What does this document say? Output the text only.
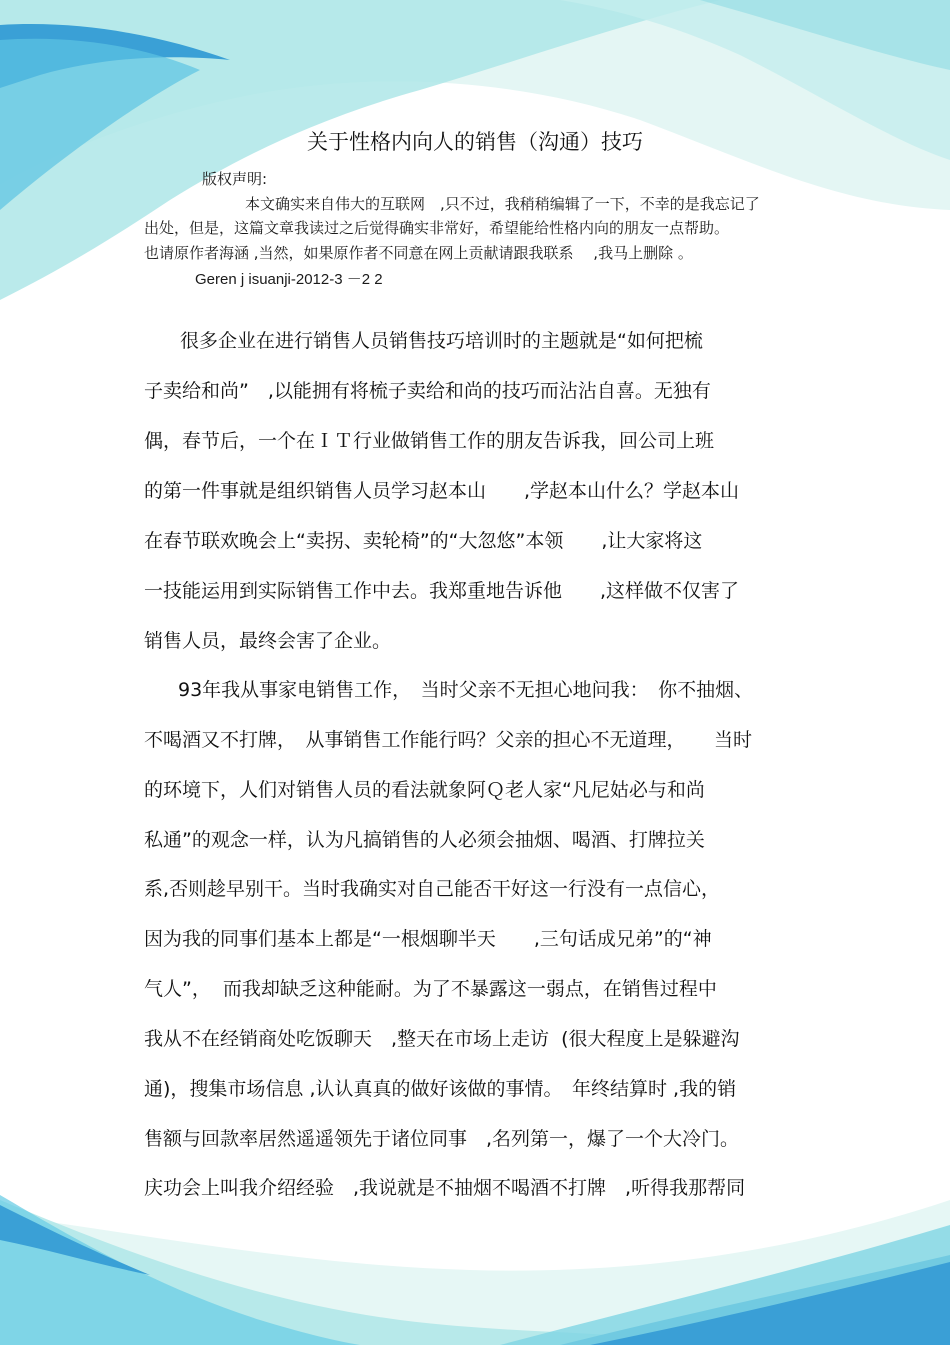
关于性格内向人的销售（沟通）技巧
版权声明:
本文确实来自伟大的互联网　,只不过，我稍稍编辑了一下，不幸的是我忘记了
出处，但是，这篇文章我读过之后觉得确实非常好，希望能给性格内向的朋友一点帮助。
也请原作者海涵 ,当然，如果原作者不同意在网上贡献请跟我联系　 ,我马上删除 。
Geren j isuanji-2012-3 －2 2
很多企业在进行销售人员销售技巧培训时的主题就是“如何把梳
子卖给和尚”　,以能拥有将梳子卖给和尚的技巧而沾沾自喜。无独有
偶，春节后，一个在ＩＴ行业做销售工作的朋友告诉我，回公司上班
的第一件事就是组织销售人员学习赵本山　　,学赵本山什么？学赵本山
在春节联欢晚会上“卖拐、卖轮椅”的“大忽悠”本领　　,让大家将这
一技能运用到实际销售工作中去。我郑重地告诉他　　,这样做不仅害了
销售人员，最终会害了企业。
93年我从事家电销售工作，　当时父亲不无担心地问我：　你不抽烟、
不喝酒又不打牌，　从事销售工作能行吗？父亲的担心不无道理，　　当时
的环境下，人们对销售人员的看法就象阿Ｑ老人家“凡尼姑必与和尚
私通”的观念一样，认为凡搞销售的人必须会抽烟、喝酒、打牌拉关
系,否则趁早别干。当时我确实对自己能否干好这一行没有一点信心，
因为我的同事们基本上都是“一根烟聊半天　　,三句话成兄弟”的“神
气人”，  而我却缺乏这种能耐。为了不暴露这一弱点，在销售过程中
我从不在经销商处吃饭聊天　,整天在市场上走访  (很大程度上是躲避沟
通)，搜集市场信息 ,认认真真的做好该做的事情。　年终结算时 ,我的销
售额与回款率居然遥遥领先于诸位同事　,名列第一，爆了一个大冷门。
庆功会上叫我介绍经验　,我说就是不抽烟不喝酒不打牌　,听得我那帮同
